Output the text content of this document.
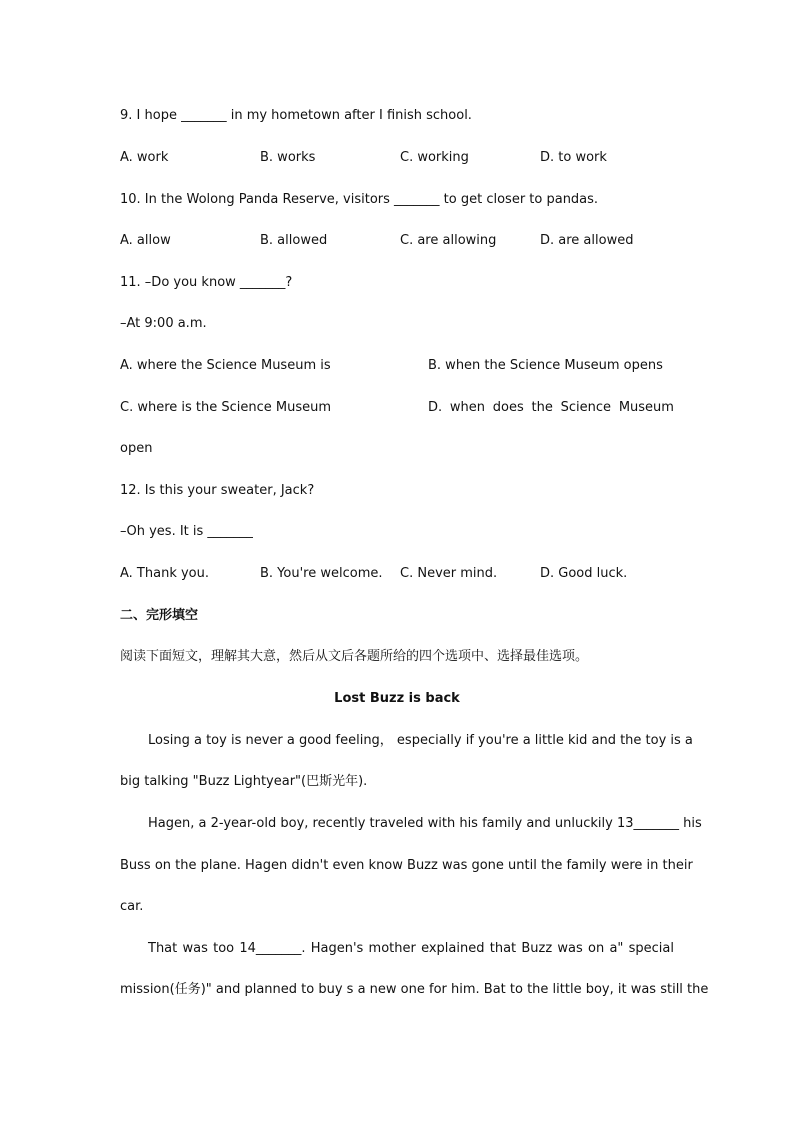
9. I hope _______ in my hometown after I finish school.
A. work	B. works	C. working	D. to work
10. In the Wolong Panda Reserve, visitors _______ to get closer to pandas.
A. allow	B. allowed	C. are allowing	D. are allowed
11. –Do you know _______?
–At 9:00 a.m.
A. where the Science Museum is	B. when the Science Museum opens
C. where is the Science Museum	D. when does the Science Museum
open
12. Is this your sweater, Jack?
–Oh yes. It is _______
A. Thank you.	B. You're welcome. C. Never mind.	D. Good luck.
二、完形填空
阅读下面短文，理解其大意，然后从文后各题所给的四个选项中、选择最佳选项。
Lost Buzz is back
Losing a toy is never a good feeling， especially if you're a little kid and the toy is a
big talking "Buzz Lightyear"(巴斯光年).
Hagen, a 2-year-old boy, recently traveled with his family and unluckily 13_______ his
Buss on the plane. Hagen didn't even know Buzz was gone until the family were in their
car.
That was too 14_______. Hagen's mother explained that Buzz was on a" special
mission(任务)" and planned to buy s a new one for him. Bat to the little boy, it was still the
